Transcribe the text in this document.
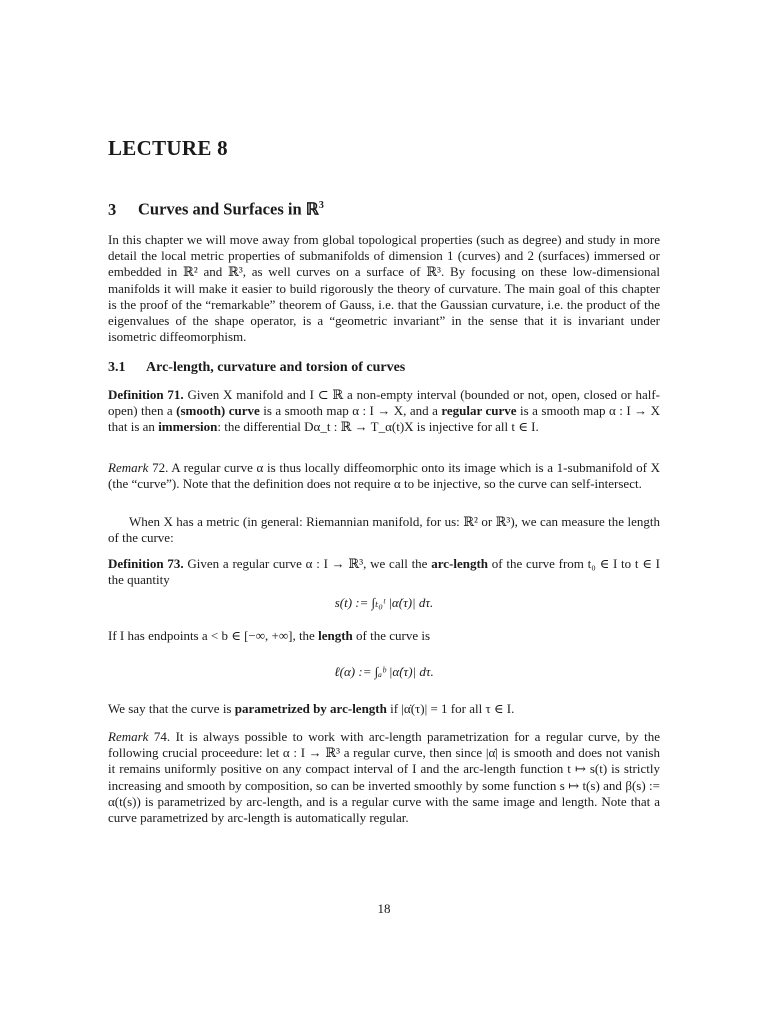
LECTURE 8
3 Curves and Surfaces in ℝ$^3$
In this chapter we will move away from global topological properties (such as degree) and study in more detail the local metric properties of submanifolds of dimension 1 (curves) and 2 (surfaces) immersed or embedded in ℝ² and ℝ³, as well curves on a surface of ℝ³. By focusing on these low-dimensional manifolds it will make it easier to build rigorously the theory of curvature. The main goal of this chapter is the proof of the “remarkable” theorem of Gauss, i.e. that the Gaussian curvature, i.e. the product of the eigenvalues of the shape operator, is a “geometric invariant” in the sense that it is invariant under isometric diffeomorphism.
3.1 Arc-length, curvature and torsion of curves
Definition 71. Given X manifold and I ⊂ ℝ a non-empty interval (bounded or not, open, closed or half-open) then a (smooth) curve is a smooth map α : I → X, and a regular curve is a smooth map α : I → X that is an immersion: the differential Dα_t : ℝ → T_α(t)X is injective for all t ∈ I.
Remark 72. A regular curve α is thus locally diffeomorphic onto its image which is a 1-submanifold of X (the “curve”). Note that the definition does not require α to be injective, so the curve can self-intersect.
When X has a metric (in general: Riemannian manifold, for us: ℝ² or ℝ³), we can measure the length of the curve:
Definition 73. Given a regular curve α : I → ℝ³, we call the arc-length of the curve from t₀ ∈ I to t ∈ I the quantity
s(t) := ∫ₜ₀ᵗ |α̇(τ)| dτ.
If I has endpoints a < b ∈ [−∞, +∞], the length of the curve is
ℓ(α) := ∫ₐᵇ |α̇(τ)| dτ.
We say that the curve is parametrized by arc-length if |α̇(τ)| = 1 for all τ ∈ I.
Remark 74. It is always possible to work with arc-length parametrization for a regular curve, by the following crucial proceedure: let α : I → ℝ³ a regular curve, then since |α̇| is smooth and does not vanish it remains uniformly positive on any compact interval of I and the arc-length function t ↦ s(t) is strictly increasing and smooth by composition, so can be inverted smoothly by some function s ↦ t(s) and β(s) := α(t(s)) is parametrized by arc-length, and is a regular curve with the same image and length. Note that a curve parametrized by arc-length is automatically regular.
18
